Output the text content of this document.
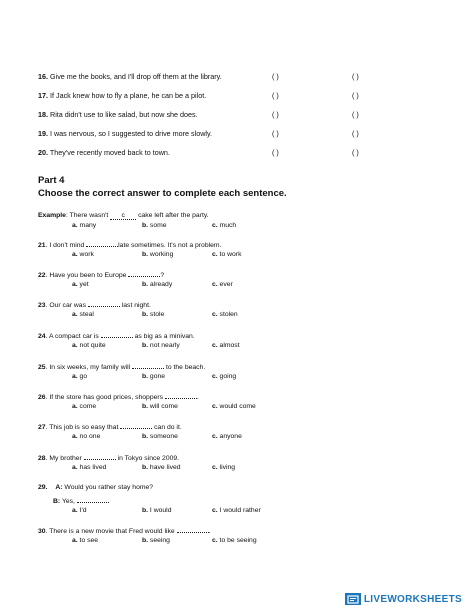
16. Give me the books, and I'll drop off them at the library.	( )	( )
17. If Jack knew how to fly a plane, he can be a pilot.	( )	( )
18. Rita didn't use to like salad, but now she does.	( )	( )
19. I was nervous, so I suggested to drive more slowly.	( )	( )
20. They've recently moved back to town.	( )	( )
Part 4
Choose the correct answer to complete each sentence.
Example: There wasn't c cake left after the party.
a. many	b. some	c. much
21. I don't mind	late sometimes. It's not a problem.
a. work	b. working	c. to work
22. Have you been to Europe	?
a. yet	b. already	c. ever
23. Our car was	last night.
a. steal	b. stole	c. stolen
24. A compact car is	as big as a minivan.
a. not quite	b. not nearly	c. almost
25. In six weeks, my family will	to the beach.
a. go	b. gone	c. going
26. If the store has good prices, shoppers	.
a. come	b. will come	c. would come
27. This job is so easy that	can do it.
a. no one	b. someone	c. anyone
28. My brother	in Tokyo since 2009.
a. has lived	b. have lived	c. living
30. There is a new movie that Fred would like	.
a. to see	b. seeing	c. to be seeing
29. A: Would you rather stay home?
B: Yes,
a. I'd	b. I would	c. I would rather
LIVEWORKSHEETS
